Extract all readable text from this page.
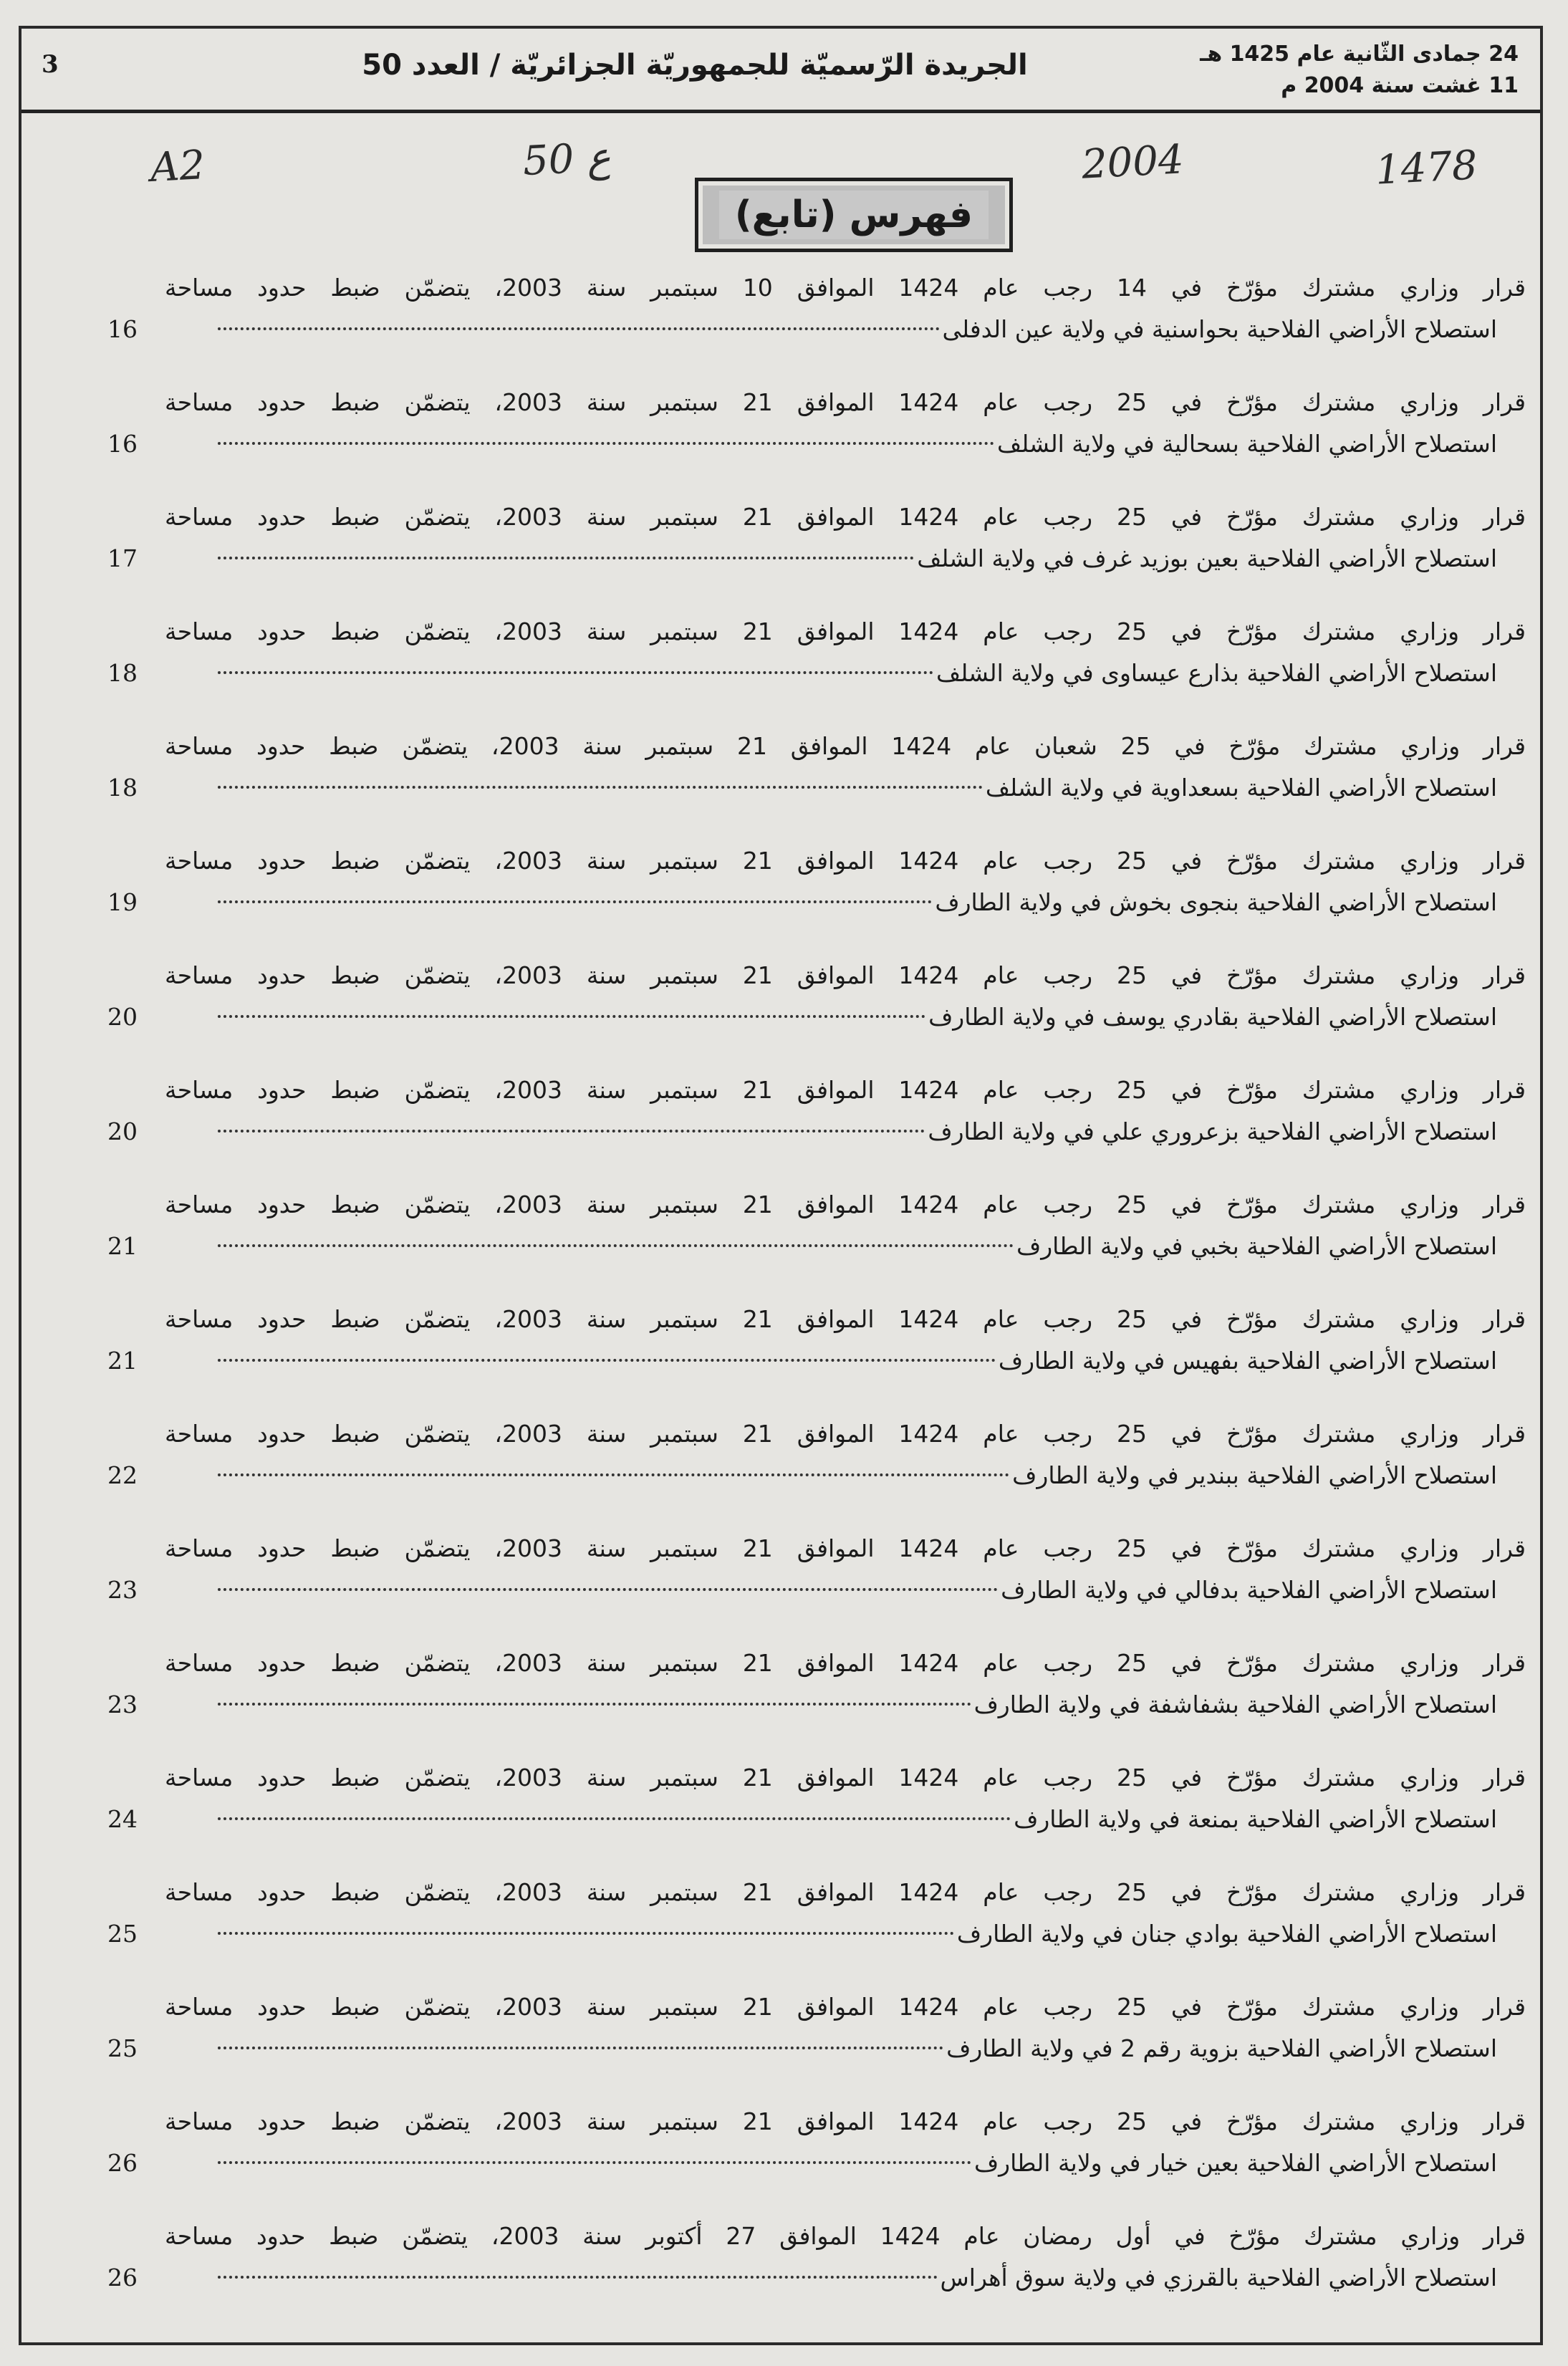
3	الجريدة الرّسميّة للجمهوريّة الجزائريّة / العدد 50	24 جمادى الثّانية عام 1425 هـ
11 غشت سنة 2004 م
A2	50 ع	2004	1478
فهرس (تابع)
قرار وزاري مشترك مؤرّخ في 14 رجب عام 1424 الموافق 10 سبتمبر سنة 2003، يتضمّن ضبط حدود مساحة
استصلاح الأراضي الفلاحية بحواسنية في ولاية عين الدفلى
16
قرار وزاري مشترك مؤرّخ في 25 رجب عام 1424 الموافق 21 سبتمبر سنة 2003، يتضمّن ضبط حدود مساحة
استصلاح الأراضي الفلاحية بسحالية في ولاية الشلف
16
قرار وزاري مشترك مؤرّخ في 25 رجب عام 1424 الموافق 21 سبتمبر سنة 2003، يتضمّن ضبط حدود مساحة
استصلاح الأراضي الفلاحية بعين بوزيد غرف في ولاية الشلف
17
قرار وزاري مشترك مؤرّخ في 25 رجب عام 1424 الموافق 21 سبتمبر سنة 2003، يتضمّن ضبط حدود مساحة
استصلاح الأراضي الفلاحية بذارع عيساوى في ولاية الشلف
18
قرار وزاري مشترك مؤرّخ في 25 شعبان عام 1424 الموافق 21 سبتمبر سنة 2003، يتضمّن ضبط حدود مساحة
استصلاح الأراضي الفلاحية بسعداوية في ولاية الشلف
18
قرار وزاري مشترك مؤرّخ في 25 رجب عام 1424 الموافق 21 سبتمبر سنة 2003، يتضمّن ضبط حدود مساحة
استصلاح الأراضي الفلاحية بنجوى بخوش في ولاية الطارف
19
قرار وزاري مشترك مؤرّخ في 25 رجب عام 1424 الموافق 21 سبتمبر سنة 2003، يتضمّن ضبط حدود مساحة
استصلاح الأراضي الفلاحية بقادري يوسف في ولاية الطارف
20
قرار وزاري مشترك مؤرّخ في 25 رجب عام 1424 الموافق 21 سبتمبر سنة 2003، يتضمّن ضبط حدود مساحة
استصلاح الأراضي الفلاحية بزعروري علي في ولاية الطارف
20
قرار وزاري مشترك مؤرّخ في 25 رجب عام 1424 الموافق 21 سبتمبر سنة 2003، يتضمّن ضبط حدود مساحة
استصلاح الأراضي الفلاحية بخبي في ولاية الطارف
21
قرار وزاري مشترك مؤرّخ في 25 رجب عام 1424 الموافق 21 سبتمبر سنة 2003، يتضمّن ضبط حدود مساحة
استصلاح الأراضي الفلاحية بفهيس في ولاية الطارف
21
قرار وزاري مشترك مؤرّخ في 25 رجب عام 1424 الموافق 21 سبتمبر سنة 2003، يتضمّن ضبط حدود مساحة
استصلاح الأراضي الفلاحية ببندير في ولاية الطارف
22
قرار وزاري مشترك مؤرّخ في 25 رجب عام 1424 الموافق 21 سبتمبر سنة 2003، يتضمّن ضبط حدود مساحة
استصلاح الأراضي الفلاحية بدفالي في ولاية الطارف
23
قرار وزاري مشترك مؤرّخ في 25 رجب عام 1424 الموافق 21 سبتمبر سنة 2003، يتضمّن ضبط حدود مساحة
استصلاح الأراضي الفلاحية بشفاشفة في ولاية الطارف
23
قرار وزاري مشترك مؤرّخ في 25 رجب عام 1424 الموافق 21 سبتمبر سنة 2003، يتضمّن ضبط حدود مساحة
استصلاح الأراضي الفلاحية بمنعة في ولاية الطارف
24
قرار وزاري مشترك مؤرّخ في 25 رجب عام 1424 الموافق 21 سبتمبر سنة 2003، يتضمّن ضبط حدود مساحة
استصلاح الأراضي الفلاحية بوادي جنان في ولاية الطارف
25
قرار وزاري مشترك مؤرّخ في 25 رجب عام 1424 الموافق 21 سبتمبر سنة 2003، يتضمّن ضبط حدود مساحة
استصلاح الأراضي الفلاحية بزوية رقم 2 في ولاية الطارف
25
قرار وزاري مشترك مؤرّخ في 25 رجب عام 1424 الموافق 21 سبتمبر سنة 2003، يتضمّن ضبط حدود مساحة
استصلاح الأراضي الفلاحية بعين خيار في ولاية الطارف
26
قرار وزاري مشترك مؤرّخ في أول رمضان عام 1424 الموافق 27 أكتوبر سنة 2003، يتضمّن ضبط حدود مساحة
استصلاح الأراضي الفلاحية بالقرزي في ولاية سوق أهراس
26
